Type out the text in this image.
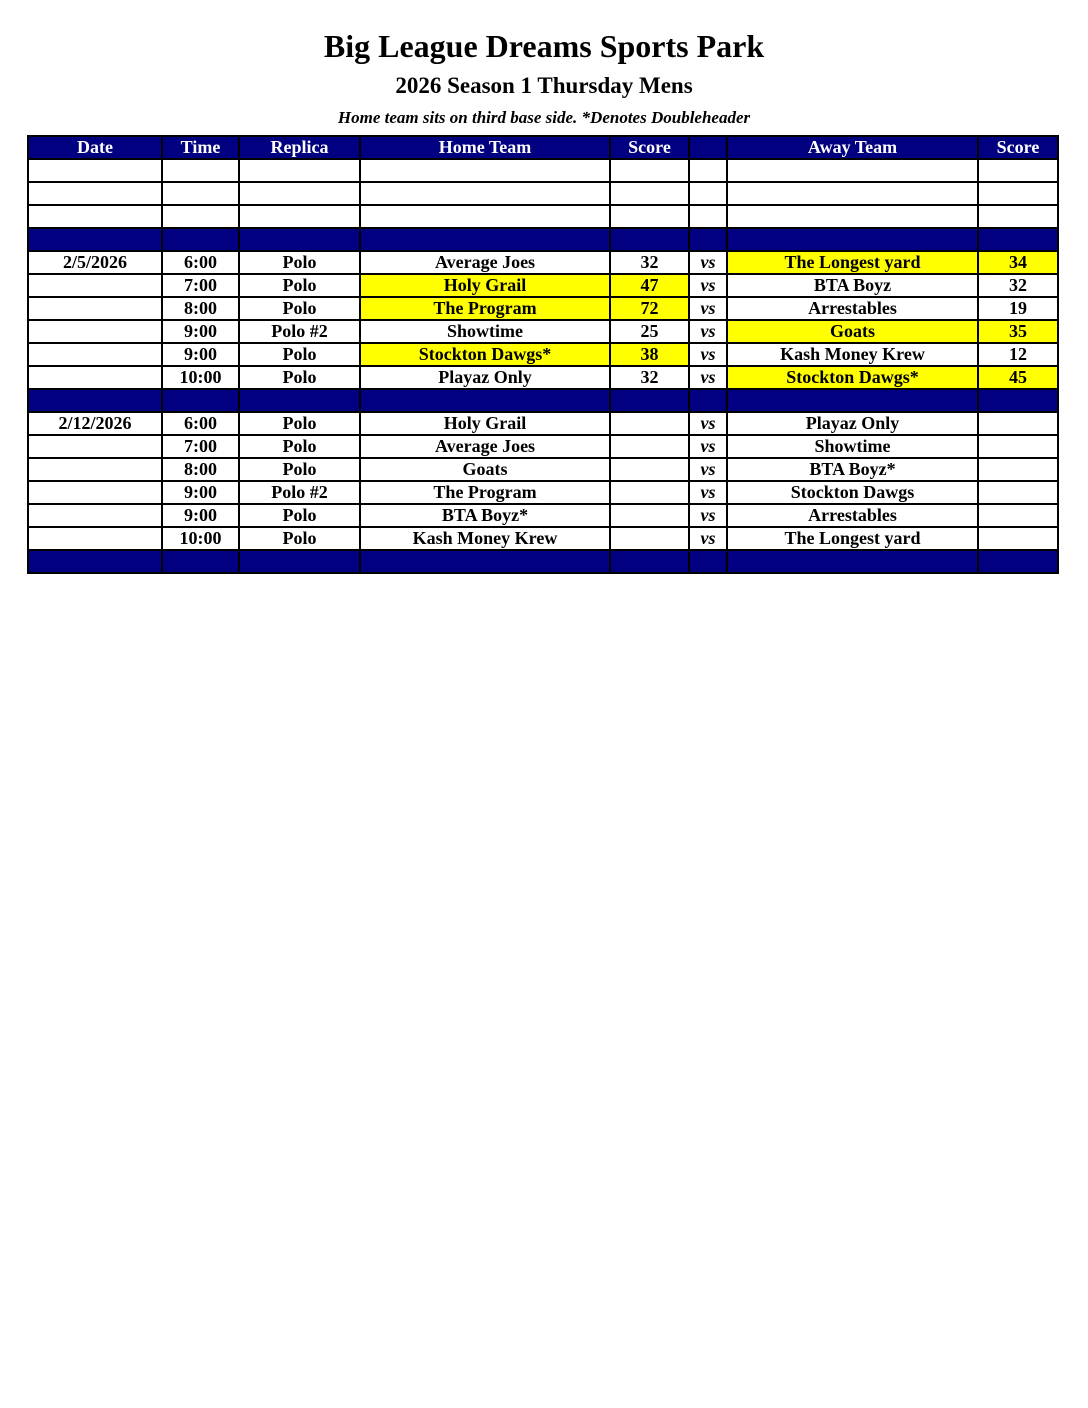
Big League Dreams Sports Park
2026 Season 1 Thursday Mens
Home team sits on third base side. *Denotes Doubleheader
Date	Time	Replica	Home Team	Score		Away Team	Score

2/5/2026	6:00	Polo	Average Joes	32	vs	The Longest yard	34
	7:00	Polo	Holy Grail	47	vs	BTA Boyz	32
	8:00	Polo	The Program	72	vs	Arrestables	19
	9:00	Polo #2	Showtime	25	vs	Goats	35
	9:00	Polo	Stockton Dawgs*	38	vs	Kash Money Krew	12
	10:00	Polo	Playaz Only	32	vs	Stockton Dawgs*	45

2/12/2026	6:00	Polo	Holy Grail		vs	Playaz Only	
	7:00	Polo	Average Joes		vs	Showtime	
	8:00	Polo	Goats		vs	BTA Boyz*	
	9:00	Polo #2	The Program		vs	Stockton Dawgs	
	9:00	Polo	BTA Boyz*		vs	Arrestables	
	10:00	Polo	Kash Money Krew		vs	The Longest yard	
